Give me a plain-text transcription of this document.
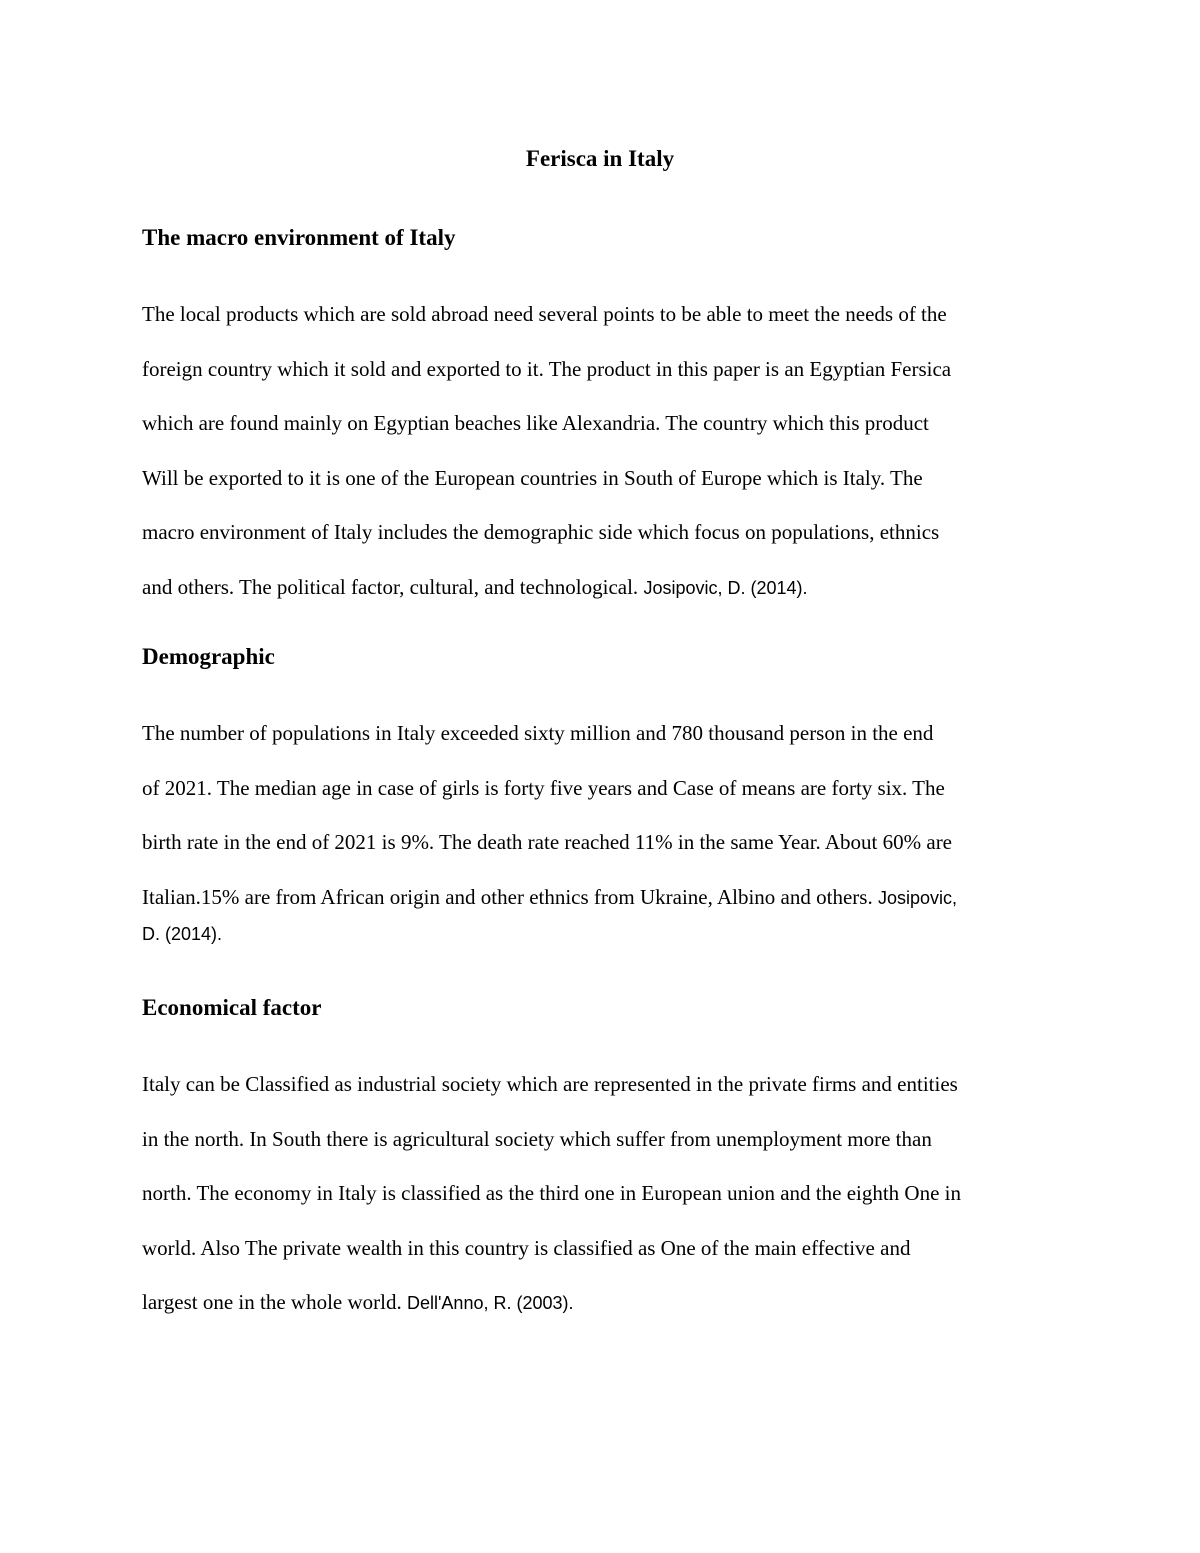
Ferisca in Italy
The macro environment of Italy
The local products which are sold abroad need several points to be able to meet the needs of the
foreign country which it sold and exported to it. The product in this paper is an Egyptian Fersica
which are found mainly on Egyptian beaches like Alexandria. The country which this product
Will be exported to it is one of the European countries in South of Europe which is Italy. The
macro environment of Italy includes the demographic side which focus on populations, ethnics
and others. The political factor, cultural, and technological. Josipovic, D. (2014).
Demographic
The number of populations in Italy exceeded sixty million and 780 thousand person in the end
of 2021. The median age in case of girls is forty five years and Case of means are forty six. The
birth rate in the end of 2021 is 9%. The death rate reached 11% in the same Year. About 60% are
Italian.15% are from African origin and other ethnics from Ukraine, Albino and others. Josipovic,
D. (2014).
Economical factor
Italy can be Classified as industrial society which are represented in the private firms and entities
in the north. In South there is agricultural society which suffer from unemployment more than
north. The economy in Italy is classified as the third one in European union and the eighth One in
world. Also The private wealth in this country is classified as One of the main effective and
largest one in the whole world. Dell'Anno, R. (2003).
